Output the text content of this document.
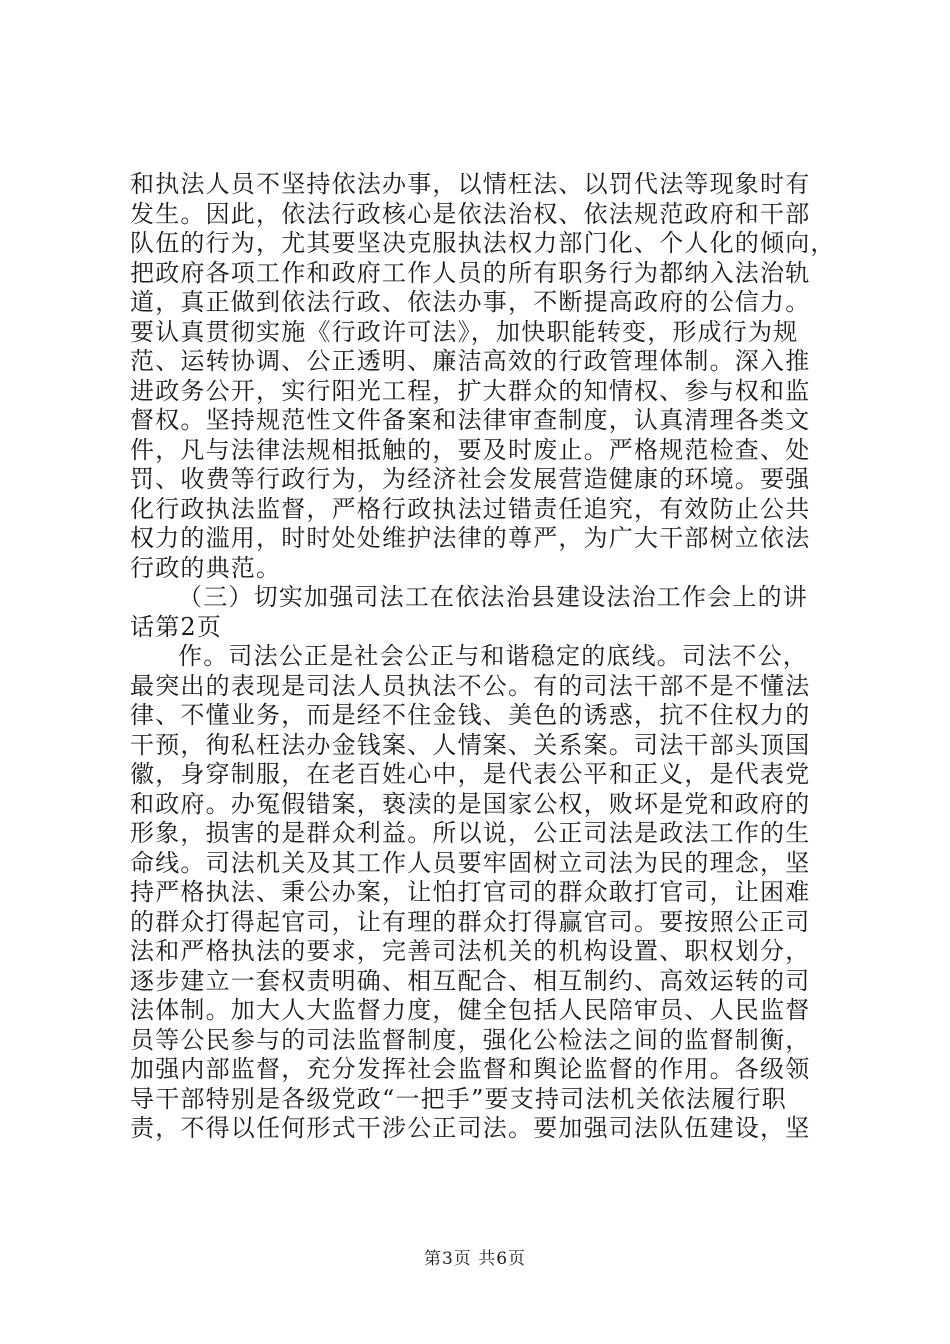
和执法人员不坚持依法办事，以情枉法、以罚代法等现象时有
发生。因此，依法行政核心是依法治权、依法规范政府和干部
队伍的行为，尤其要坚决克服执法权力部门化、个人化的倾向，
把政府各项工作和政府工作人员的所有职务行为都纳入法治轨
道，真正做到依法行政、依法办事，不断提高政府的公信力。
要认真贯彻实施《行政许可法》，加快职能转变，形成行为规
范、运转协调、公正透明、廉洁高效的行政管理体制。深入推
进政务公开，实行阳光工程，扩大群众的知情权、参与权和监
督权。坚持规范性文件备案和法律审查制度，认真清理各类文
件，凡与法律法规相抵触的，要及时废止。严格规范检查、处
罚、收费等行政行为，为经济社会发展营造健康的环境。要强
化行政执法监督，严格行政执法过错责任追究，有效防止公共
权力的滥用，时时处处维护法律的尊严，为广大干部树立依法
行政的典范。
（三）切实加强司法工在依法治县建设法治工作会上的讲
话第2页
作。司法公正是社会公正与和谐稳定的底线。司法不公，
最突出的表现是司法人员执法不公。有的司法干部不是不懂法
律、不懂业务，而是经不住金钱、美色的诱惑，抗不住权力的
干预，徇私枉法办金钱案、人情案、关系案。司法干部头顶国
徽，身穿制服，在老百姓心中，是代表公平和正义，是代表党
和政府。办冤假错案，亵渎的是国家公权，败坏是党和政府的
形象，损害的是群众利益。所以说，公正司法是政法工作的生
命线。司法机关及其工作人员要牢固树立司法为民的理念，坚
持严格执法、秉公办案，让怕打官司的群众敢打官司，让困难
的群众打得起官司，让有理的群众打得赢官司。要按照公正司
法和严格执法的要求，完善司法机关的机构设置、职权划分，
逐步建立一套权责明确、相互配合、相互制约、高效运转的司
法体制。加大人大监督力度，健全包括人民陪审员、人民监督
员等公民参与的司法监督制度，强化公检法之间的监督制衡，
加强内部监督，充分发挥社会监督和舆论监督的作用。各级领
导干部特别是各级党政“一把手”要支持司法机关依法履行职
责，不得以任何形式干涉公正司法。要加强司法队伍建设，坚
第3页 共6页
